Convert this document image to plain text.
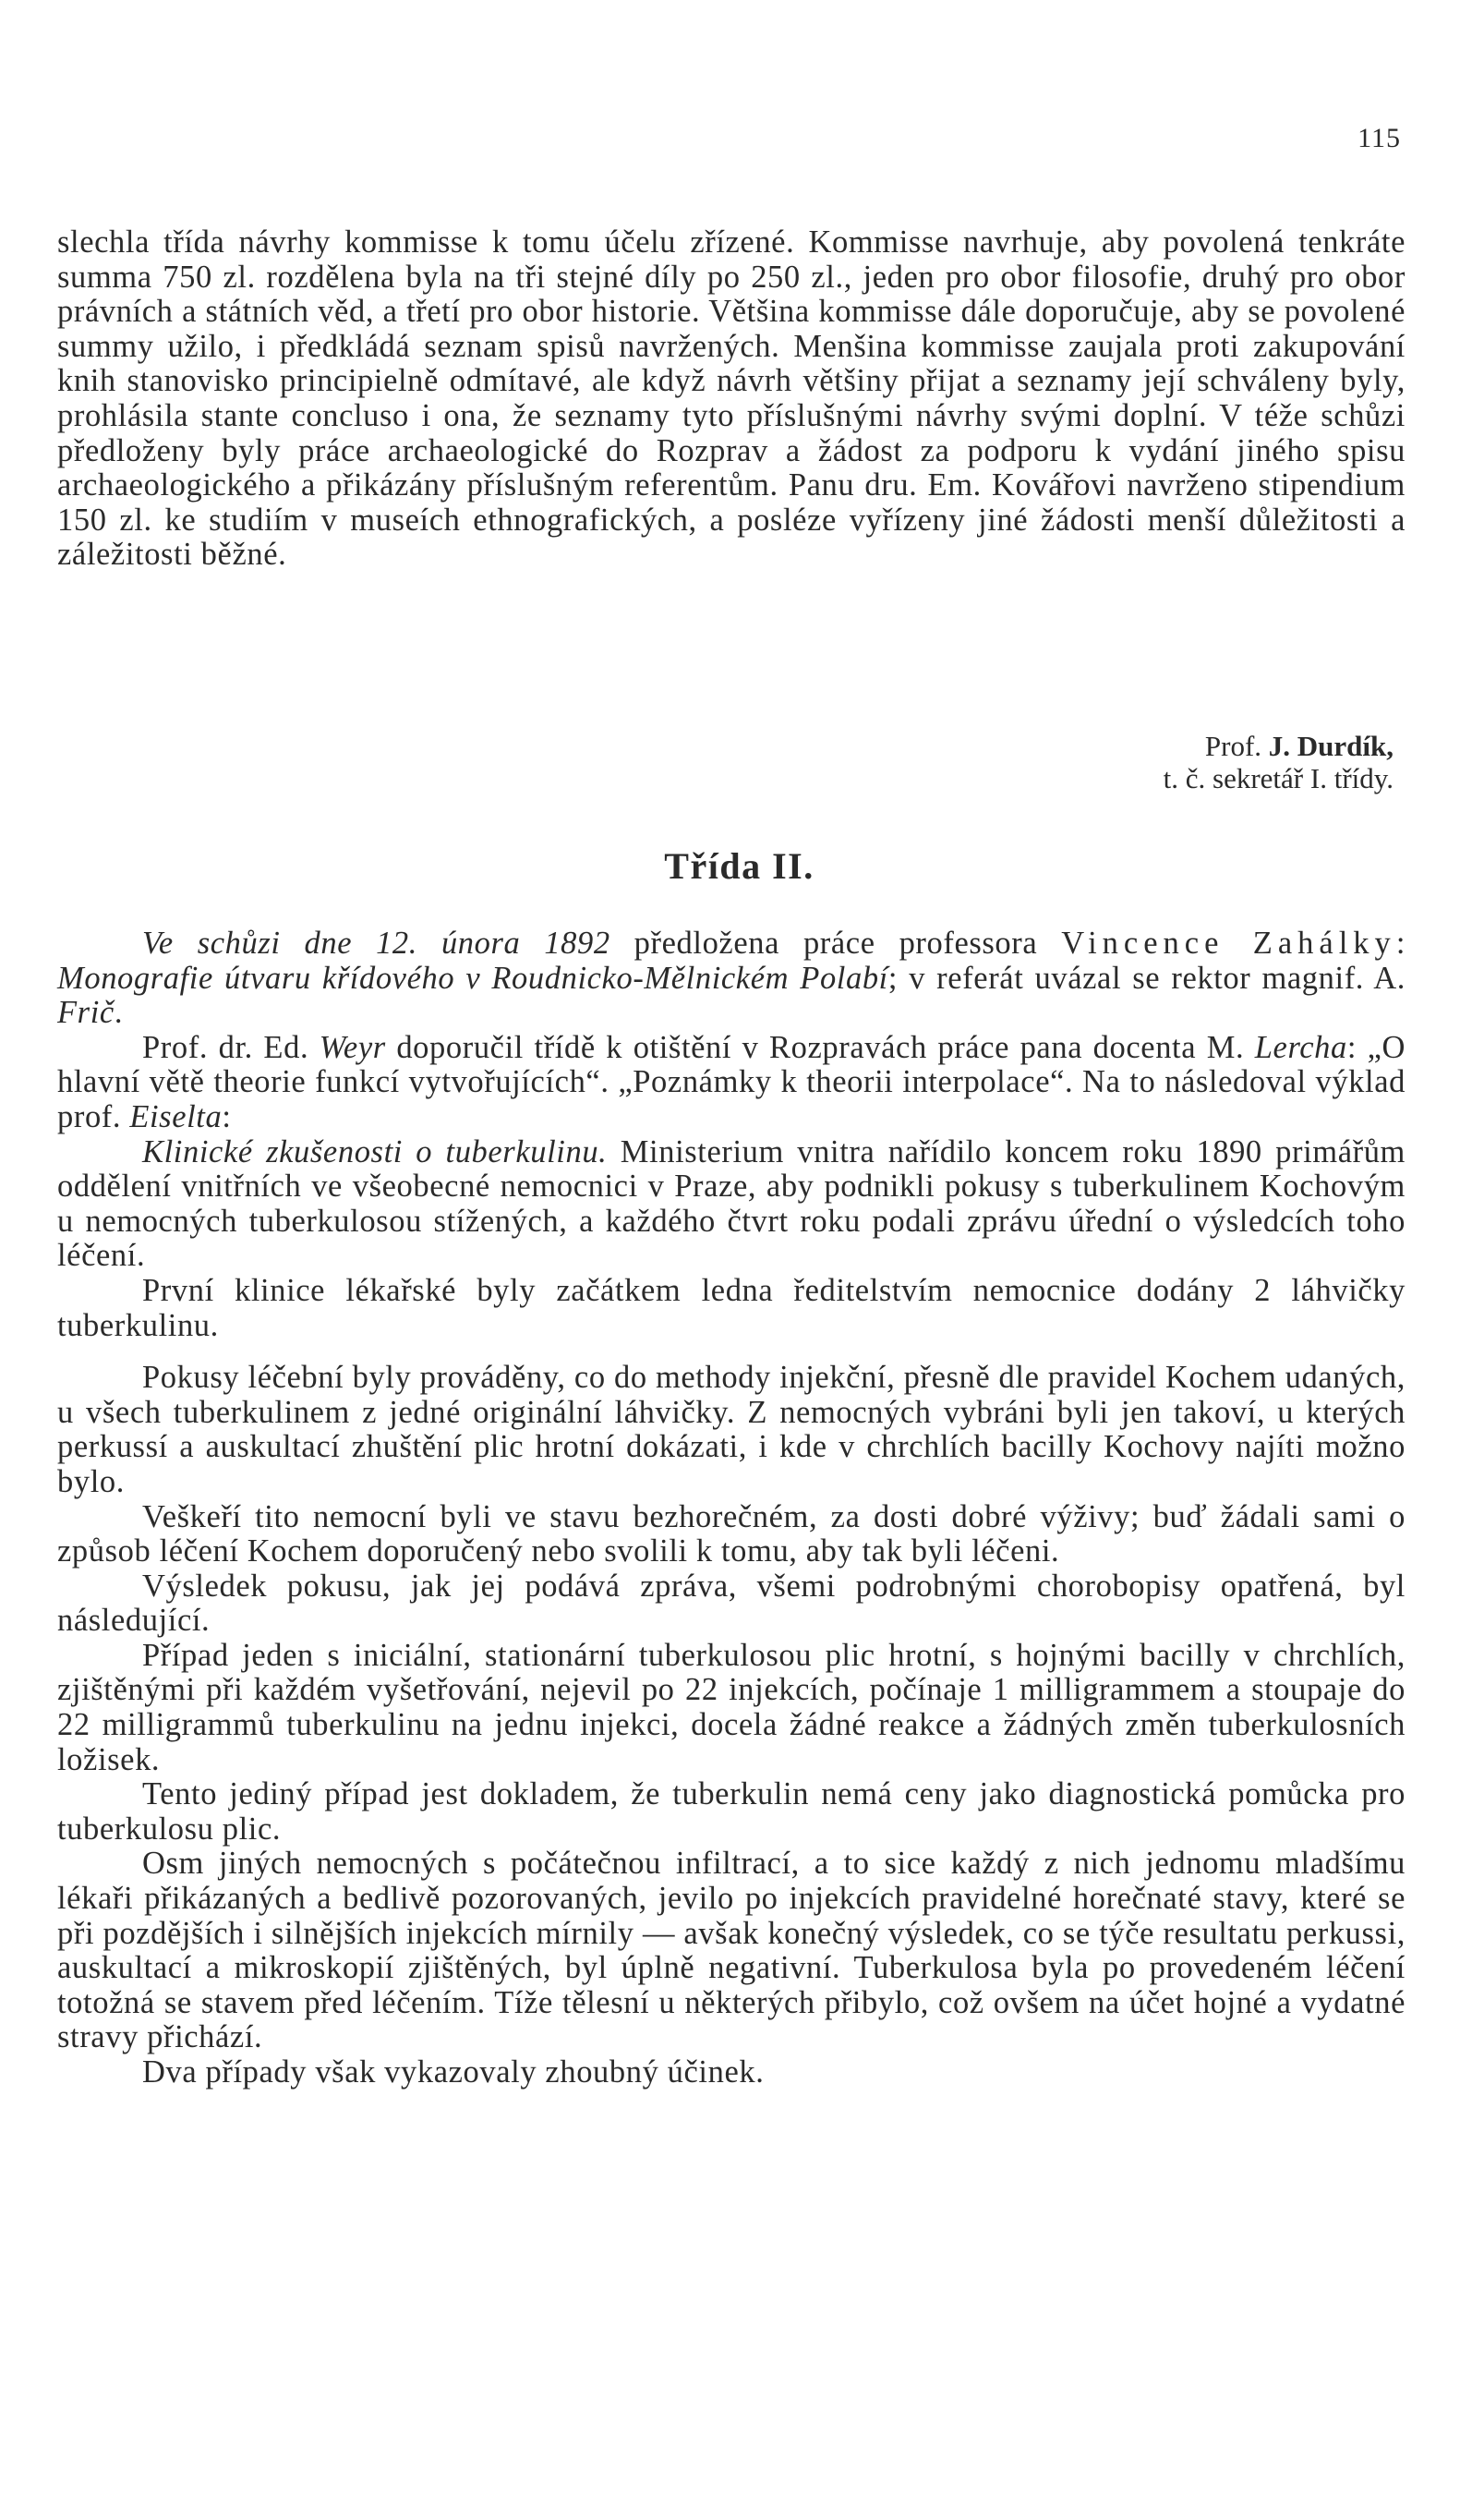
115

slechla třída návrhy kommisse k tomu účelu zřízené. Kommisse navrhuje, aby povolená tenkráte summa 750 zl. rozdělena byla na tři stejné díly po 250 zl., jeden pro obor filosofie, druhý pro obor právních a státních věd, a třetí pro obor historie. Většina kommisse dále doporučuje, aby se povolené summy užilo, i předkládá seznam spisů navržených. Menšina kommisse zaujala proti zakupování knih stanovisko principielně odmítavé, ale když návrh většiny přijat a seznamy její schváleny byly, prohlásila stante concluso i ona, že seznamy tyto příslušnými návrhy svými doplní. V téže schůzi předloženy byly práce archaeologické do Rozprav a žádost za podporu k vydání jiného spisu archaeologického a přikázány příslušným referentům. Panu dru. Em. Kovářovi navrženo stipendium 150 zl. ke studiím v museích ethnografických, a posléze vyřízeny jiné žádosti menší důležitosti a záležitosti běžné.

Prof. J. Durdík,
t. č. sekretář I. třídy.
Třída II.

Ve schůzi dne 12. února 1892 předložena práce professora Vincence Zahálky: Monografie útvaru křídového v Roudnicko-Mělnickém Polabí; v referát uvázal se rektor magnif. A. Frič.

Prof. dr. Ed. Weyr doporučil třídě k otištění v Rozpravách práce pana docenta M. Lercha: „O hlavní větě theorie funkcí vytvořujících“. „Poznámky k theorii interpolace“. Na to následoval výklad prof. Eiseltа:

Klinické zkušenosti o tuberkulinu. Ministerium vnitra nařídilo koncem roku 1890 primářům oddělení vnitřních ve všeobecné nemocnici v Praze, aby podnikli pokusy s tuberkulinem Kochovým u nemocných tuberkulosou stížených, a každého čtvrt roku podali zprávu úřední o výsledcích toho léčení.

První klinice lékařské byly začátkem ledna ředitelstvím nemocnice dodány 2 láhvičky tuberkulinu.

Pokusy léčební byly prováděny, co do methody injekční, přesně dle pravidel Kochem udaných, u všech tuberkulinem z jedné originální láhvičky. Z nemocných vybráni byli jen takoví, u kterých perkussí a auskultací zhuštění plic hrotní dokázati, i kde v chrchlích bacilly Kochovy najíti možno bylo.

Veškeří tito nemocní byli ve stavu bezhorečném, za dosti dobré výživy; buď žádali sami o způsob léčení Kochem doporučený nebo svolili k tomu, aby tak byli léčeni.

Výsledek pokusu, jak jej podává zpráva, všemi podrobnými chorobopisy opatřená, byl následující.

Případ jeden s iniciální, stationární tuberkulosou plic hrotní, s hojnými bacilly v chrchlích, zjištěnými při každém vyšetřování, nejevil po 22 injekcích, počínaje 1 milligrammem a stoupaje do 22 milligrammů tuberkulinu na jednu injekci, docela žádné reakce a žádných změn tuberkulosních ložisek.

Tento jediný případ jest dokladem, že tuberkulin nemá ceny jako diagnostická pomůcka pro tuberkulosu plic.

Osm jiných nemocných s počátečnou infiltrací, a to sice každý z nich jednomu mladšímu lékaři přikázaných a bedlivě pozorovaných, jevilo po injekcích pravidelné horečnaté stavy, které se při pozdějších i silnějších injekcích mírnily — avšak konečný výsledek, co se týče resultatu perkussi, auskultací a mikroskopií zjištěných, byl úplně negativní. Tuberkulosa byla po provedeném léčení totožná se stavem před léčením. Tíže tělesní u některých přibylo, což ovšem na účet hojné a vydatné stravy přichází.

Dva případy však vykazovaly zhoubný účinek.
